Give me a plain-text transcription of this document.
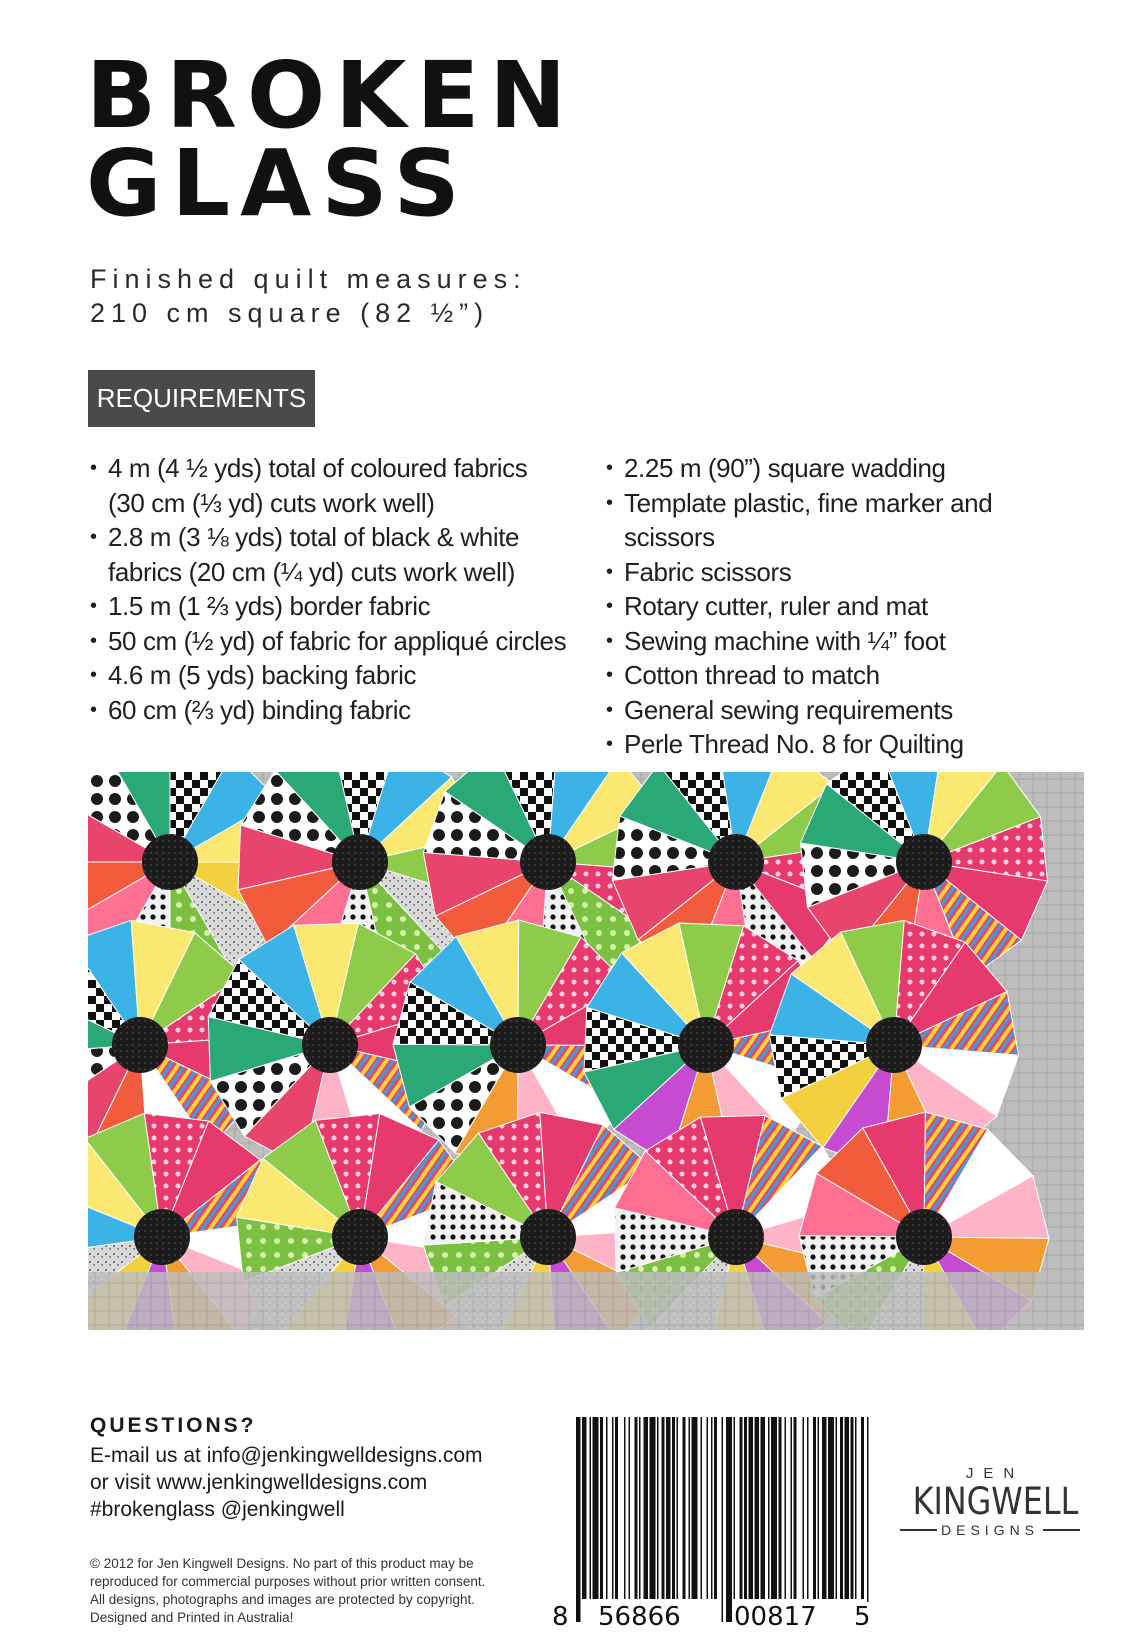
BROKEN
GLASS
Finished quilt measures:
210 cm square (82 ½”)
REQUIREMENTS
• 4 m (4 ½ yds) total of coloured fabrics
(30 cm (⅓ yd) cuts work well)
• 2.8 m (3 ⅛ yds) total of black & white
fabrics (20 cm (¼ yd) cuts work well)
• 1.5 m (1 ⅔ yds) border fabric
• 50 cm (½ yd) of fabric for appliqué circles
• 4.6 m (5 yds) backing fabric
• 60 cm (⅔ yd) binding fabric
• 2.25 m (90”) square wadding
• Template plastic, fine marker and scissors
• Fabric scissors
• Rotary cutter, ruler and mat
• Sewing machine with ¼” foot
• Cotton thread to match
• General sewing requirements
• Perle Thread No. 8 for Quilting
QUESTIONS?
E-mail us at info@jenkingwelldesigns.com
or visit www.jenkingwelldesigns.com
#brokenglass @jenkingwell
© 2012 for Jen Kingwell Designs. No part of this product may be
reproduced for commercial purposes without prior written consent.
All designs, photographs and images are protected by copyright.
Designed and Printed in Australia!	8 56866 00817 5
JEN
KINGWELL
DESIGNS
